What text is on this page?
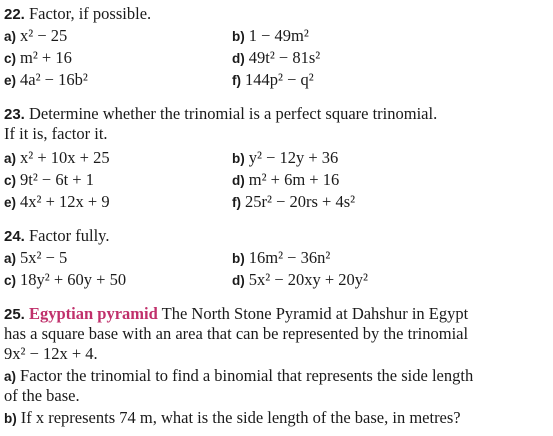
22. Factor, if possible.
a) x² − 25	b) 1 − 49m²
c) m² + 16	d) 49t² − 81s²
e) 4a² − 16b²	f) 144p² − q²
23. Determine whether the trinomial is a perfect square trinomial.
If it is, factor it.
a) x² + 10x + 25	b) y² − 12y + 36
c) 9t² − 6t + 1	d) m² + 6m + 16
e) 4x² + 12x + 9	f) 25r² − 20rs + 4s²
24. Factor fully.
a) 5x² − 5	b) 16m² − 36n²
c) 18y² + 60y + 50	d) 5x² − 20xy + 20y²
25. Egyptian pyramid The North Stone Pyramid at Dahshur in Egypt
has a square base with an area that can be represented by the trinomial
9x² − 12x + 4.
a) Factor the trinomial to find a binomial that represents the side length
of the base.
b) If x represents 74 m, what is the side length of the base, in metres?
